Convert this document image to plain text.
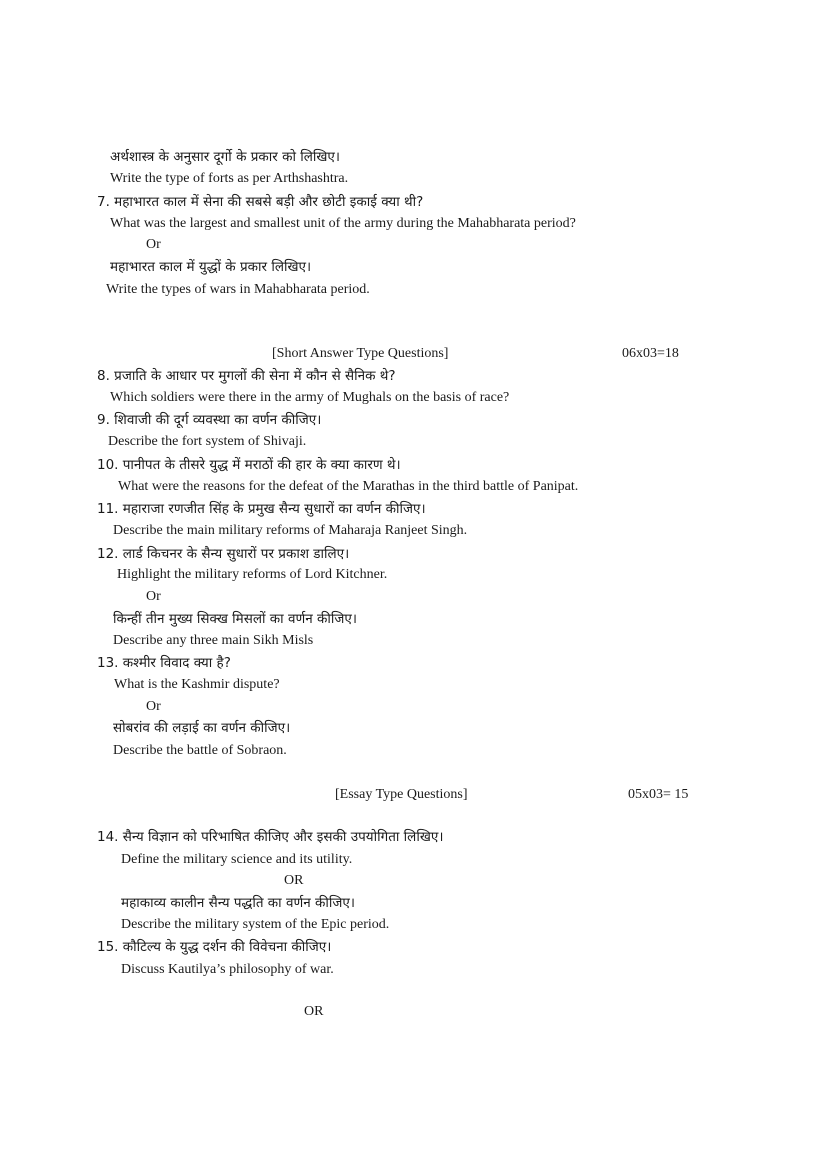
अर्थशास्त्र के अनुसार दूर्गो के प्रकार को लिखिए।
Write the type of forts as per Arthshashtra.
7. महाभारत काल में सेना की सबसे बड़ी और छोटी इकाई क्या थी?
What was the largest and smallest unit of the army during the Mahabharata period?
Or
महाभारत काल में युद्धों के प्रकार लिखिए।
Write the types of wars in Mahabharata period.
[Short Answer Type Questions]	06x03=18
8. प्रजाति के आधार पर मुगलों की सेना में कौन से सैनिक थे?
Which soldiers were there in the army of Mughals on the basis of race?
9. शिवाजी की दूर्ग व्यवस्था का वर्णन कीजिए।
Describe the fort system of Shivaji.
10. पानीपत के तीसरे युद्ध में मराठों की हार के क्या कारण थे।
What were the reasons for the defeat of the Marathas in the third battle of Panipat.
11. महाराजा रणजीत सिंह के प्रमुख सैन्य सुधारों का वर्णन कीजिए।
Describe the main military reforms of Maharaja Ranjeet Singh.
12. लार्ड किचनर के सैन्य सुधारों पर प्रकाश डालिए।
Highlight the military reforms of Lord Kitchner.
Or
किन्हीं तीन मुख्य सिक्ख मिसलों का वर्णन कीजिए।
Describe any three main Sikh Misls
13. कश्मीर विवाद क्या है?
What is the Kashmir dispute?
Or
सोबरांव की लड़ाई का वर्णन कीजिए।
Describe the battle of Sobraon.
[Essay Type Questions]	05x03= 15
14. सैन्य विज्ञान को परिभाषित कीजिए और इसकी उपयोगिता लिखिए।
Define the military science and its utility.
OR
महाकाव्य कालीन सैन्य पद्धति का वर्णन कीजिए।
Describe the military system of the Epic period.
15. कौटिल्य के युद्ध दर्शन की विवेचना कीजिए।
Discuss Kautilya’s philosophy of war.
OR
